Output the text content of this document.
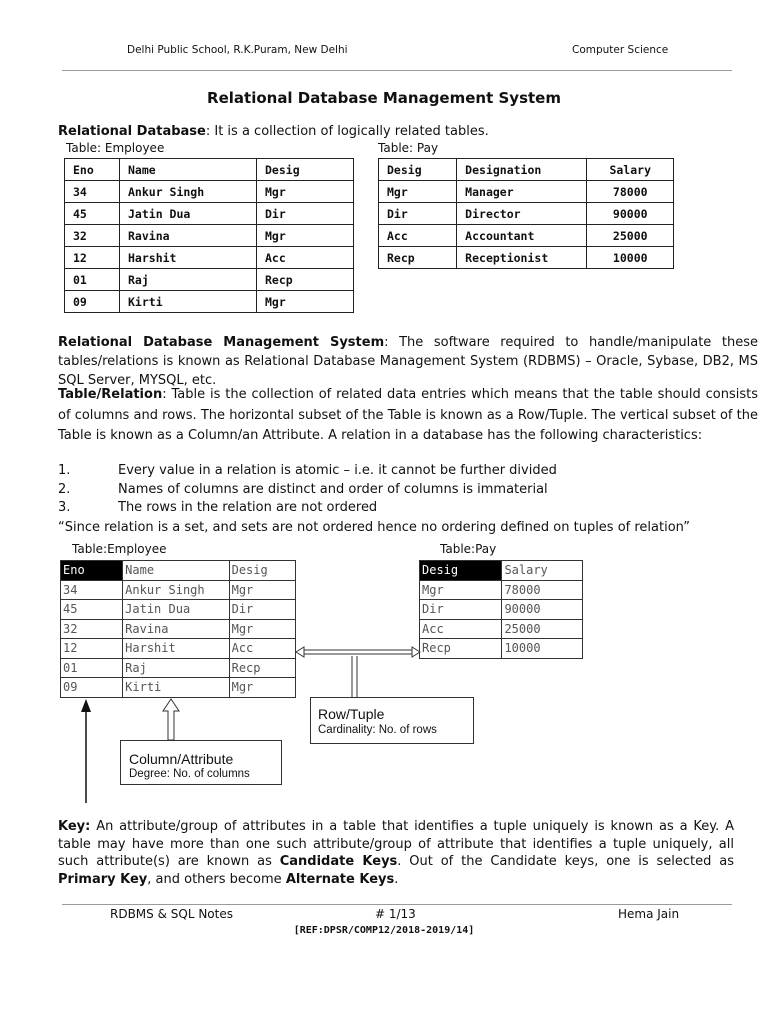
Delhi Public School, R.K.Puram, New Delhi	Computer Science
Relational Database Management System
Relational Database: It is a collection of logically related tables.
Table: Employee	Table: Pay
Eno	Name	Desig
34	Ankur Singh	Mgr
45	Jatin Dua	Dir
32	Ravina	Mgr
12	Harshit	Acc
01	Raj	Recp
09	Kirti	Mgr
Desig	Designation	Salary
Mgr	Manager	78000
Dir	Director	90000
Acc	Accountant	25000
Recp	Receptionist	10000
Relational Database Management System: The software required to handle/manipulate these tables/relations is known as Relational Database Management System (RDBMS) – Oracle, Sybase, DB2, MS SQL Server, MYSQL, etc.
Table/Relation: Table is the collection of related data entries which means that the table should consists of columns and rows. The horizontal subset of the Table is known as a Row/Tuple. The vertical subset of the Table is known as a Column/an Attribute. A relation in a database has the following characteristics:
1.	Every value in a relation is atomic – i.e. it cannot be further divided
2.	Names of columns are distinct and order of columns is immaterial
3.	The rows in the relation are not ordered
“Since relation is a set, and sets are not ordered hence no ordering defined on tuples of relation”
Table:Employee	Table:Pay
Eno	Name	Desig
34	Ankur Singh	Mgr
45	Jatin Dua	Dir
32	Ravina	Mgr
12	Harshit	Acc
01	Raj	Recp
09	Kirti	Mgr
Desig	Salary
Mgr	78000
Dir	90000
Acc	25000
Recp	10000
Row/Tuple
Cardinality: No. of rows
Column/Attribute
Degree: No. of columns
Key: An attribute/group of attributes in a table that identifies a tuple uniquely is known as a Key. A table may have more than one such attribute/group of attribute that identifies a tuple uniquely, all such attribute(s) are known as Candidate Keys. Out of the Candidate keys, one is selected as Primary Key, and others become Alternate Keys.
RDBMS & SQL Notes	# 1/13	Hema Jain
[REF:DPSR/COMP12/2018-2019/14]
